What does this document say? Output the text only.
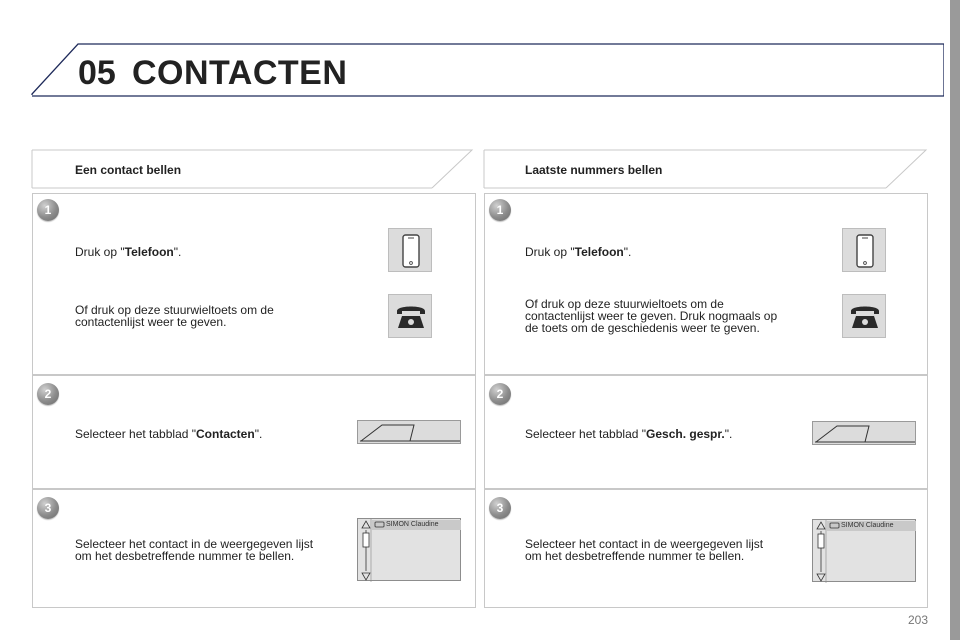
05 CONTACTEN
Een contact bellen	Laatste nummers bellen
1
2
3
Druk op "Telefoon".
Of druk op deze stuurwieltoets om de
contactenlijst weer te geven.
Selecteer het tabblad "Contacten".
Selecteer het contact in de weergegeven lijst
om het desbetreffende nummer te bellen.
SIMON Claudine
1
2
3
Druk op "Telefoon".
Of druk op deze stuurwieltoets om de
contactenlijst weer te geven. Druk nogmaals op
de toets om de geschiedenis weer te geven.
Selecteer het tabblad "Gesch. gespr.".
Selecteer het contact in de weergegeven lijst
om het desbetreffende nummer te bellen.
SIMON Claudine
203
